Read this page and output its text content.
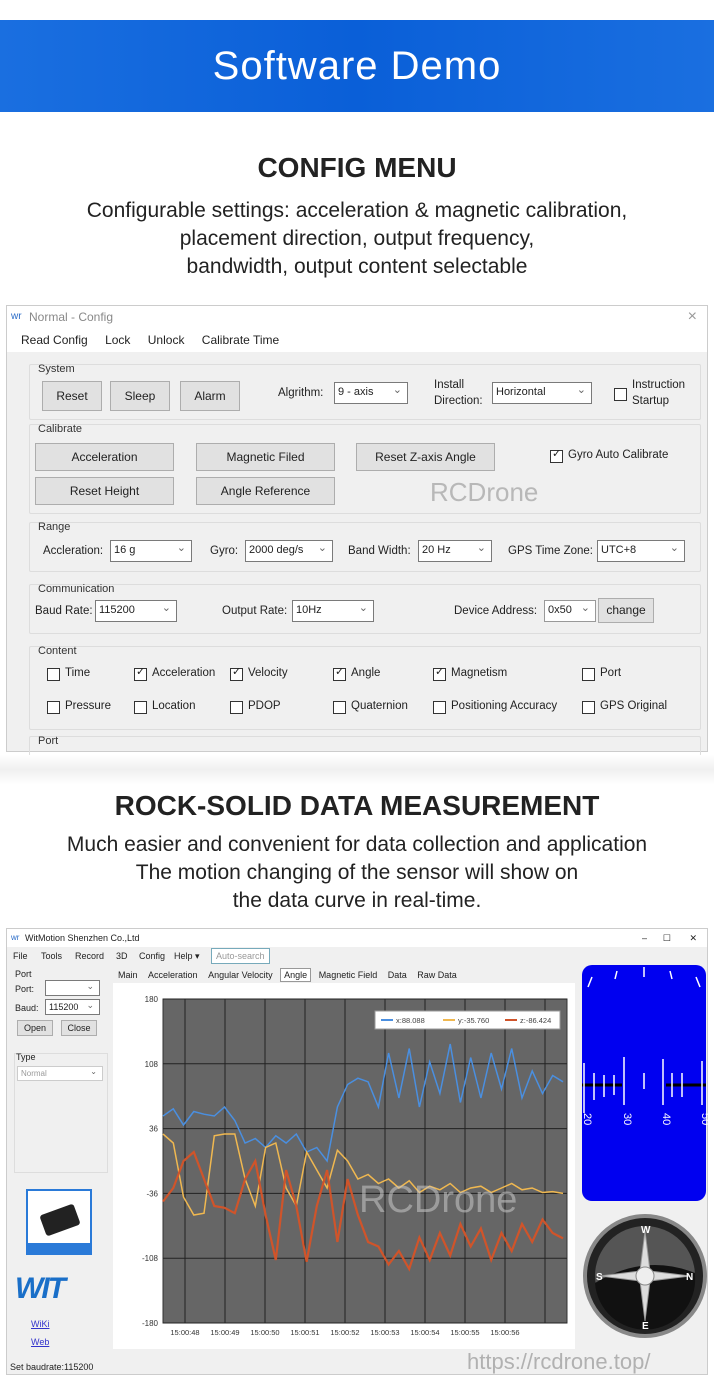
Software Demo
CONFIG MENU
Configurable settings: acceleration & magnetic calibration,
placement direction, output frequency,
bandwidth, output content selectable
wr Normal - Config	×
Read Config Lock Unlock Calibrate Time
System
Reset	Sleep	Alarm	Algrithm:	9 - axis ⌄
Install
Direction:
Horizontal ⌄
Instruction
Startup
Calibrate
Acceleration	Magnetic Filed	Reset Z-axis Angle
Reset Height	Angle Reference
Gyro Auto Calibrate ✓
RCDrone
Range
Accleration: 16 g ⌄	Gyro: 2000 deg/s ⌄	Band Width:	20 Hz ⌄	GPS Time Zone: UTC+8 ⌄
Communication
Baud Rate: 115200 ⌄	Output Rate: 10Hz ⌄	Device Address: 0x50 ⌄	change
Content
Time	Acceleration ✓	Velocity ✓	Angle ✓	Magnetism ✓	Port
Pressure	Location	PDOP	Quaternion	Positioning Accuracy	GPS Original
Port
ROCK-SOLID DATA MEASUREMENT
Much easier and convenient for data collection and application
The motion changing of the sensor will show on
the data curve in real-time.
wr WitMotion Shenzhen Co.,Ltd	– ☐ ✕
File Tools Record 3D Config Help ▾	Auto-search
Port
Port:
⌄
Baud:	115200 ⌄
Open	Close
Type
Normal ⌄
WIT
WiKi
Web
Set baudrate:115200
Main Acceleration Angular Velocity Angle Magnetic Field Data Raw Data
180
108
36
-36
-108
-180
15:00:48 15:00:49 15:00:50 15:00:51 15:00:52 15:00:53 15:00:54 15:00:55 15:00:56
x:88.088	y:-35.760	z:-86.424
20	30 40 50
W
S	N
E
RCDrone
https://rcdrone.top/
